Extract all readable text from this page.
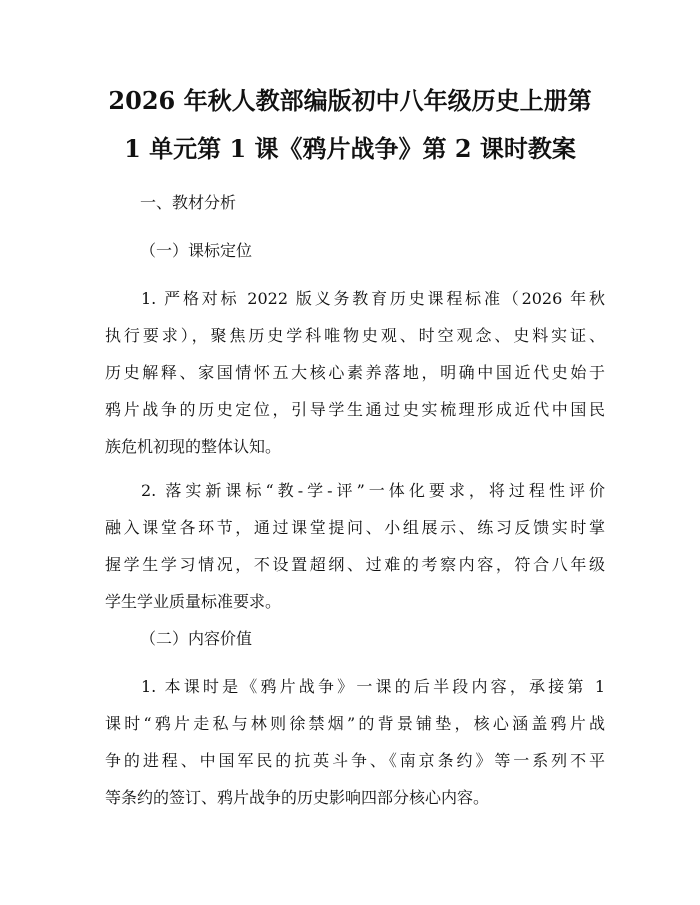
2026 年秋人教部编版初中八年级历史上册第
1 单元第 1 课《鸦片战争》第 2 课时教案

一、教材分析

（一）课标定位

1. 严格对标 2022 版义务教育历史课程标准（2026 年秋
执行要求），聚焦历史学科唯物史观、时空观念、史料实证、
历史解释、家国情怀五大核心素养落地，明确中国近代史始于
鸦片战争的历史定位，引导学生通过史实梳理形成近代中国民
族危机初现的整体认知。
2. 落实新课标“教-学-评”一体化要求，将过程性评价
融入课堂各环节，通过课堂提问、小组展示、练习反馈实时掌
握学生学习情况，不设置超纲、过难的考察内容，符合八年级
学生学业质量标准要求。

（二）内容价值

1. 本课时是《鸦片战争》一课的后半段内容，承接第 1
课时“鸦片走私与林则徐禁烟”的背景铺垫，核心涵盖鸦片战
争的进程、中国军民的抗英斗争、《南京条约》等一系列不平
等条约的签订、鸦片战争的历史影响四部分核心内容。
